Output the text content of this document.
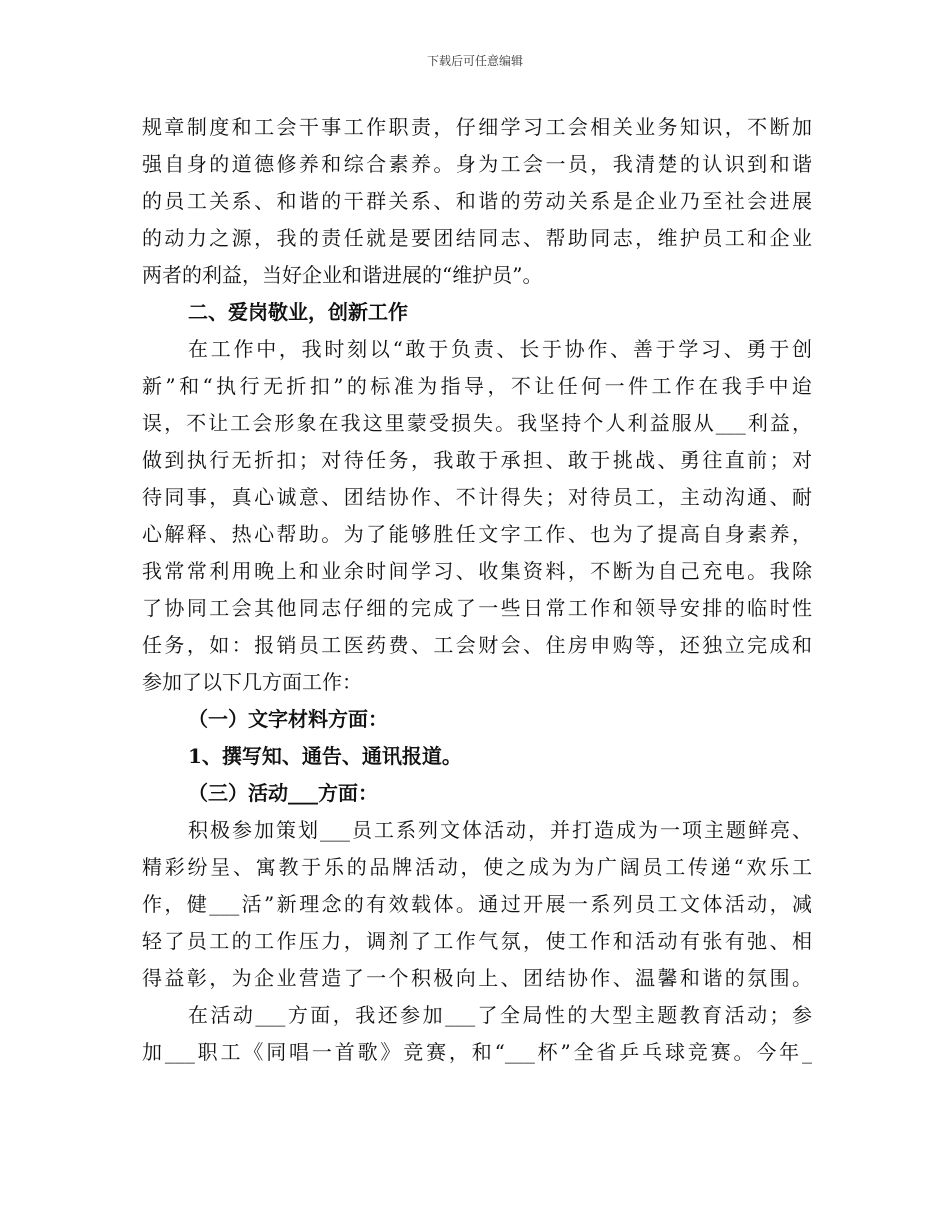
下载后可任意编辑
规章制度和工会干事工作职责，仔细学习工会相关业务知识，不断加
强自身的道德修养和综合素养。身为工会一员，我清楚的认识到和谐
的员工关系、和谐的干群关系、和谐的劳动关系是企业乃至社会进展
的动力之源，我的责任就是要团结同志、帮助同志，维护员工和企业
两者的利益，当好企业和谐进展的“维护员”。
二、爱岗敬业，创新工作
在工作中，我时刻以“敢于负责、长于协作、善于学习、勇于创
新”和“执行无折扣”的标准为指导，不让任何一件工作在我手中迨
误，不让工会形象在我这里蒙受损失。我坚持个人利益服从___利益，
做到执行无折扣；对待任务，我敢于承担、敢于挑战、勇往直前；对
待同事，真心诚意、团结协作、不计得失；对待员工，主动沟通、耐
心解释、热心帮助。为了能够胜任文字工作、也为了提高自身素养，
我常常利用晚上和业余时间学习、收集资料，不断为自己充电。我除
了协同工会其他同志仔细的完成了一些日常工作和领导安排的临时性
任务，如：报销员工医药费、工会财会、住房申购等，还独立完成和
参加了以下几方面工作：
（一）文字材料方面：
1、撰写知、通告、通讯报道。
（三）活动___方面：
积极参加策划___员工系列文体活动，并打造成为一项主题鲜亮、
精彩纷呈、寓教于乐的品牌活动，使之成为为广阔员工传递“欢乐工
作，健___活”新理念的有效载体。通过开展一系列员工文体活动，减
轻了员工的工作压力，调剂了工作气氛，使工作和活动有张有弛、相
得益彰，为企业营造了一个积极向上、团结协作、温馨和谐的氛围。
在活动___方面，我还参加___了全局性的大型主题教育活动；参
加___职工《同唱一首歌》竞赛，和“___杯”全省乒乓球竞赛。今年_
